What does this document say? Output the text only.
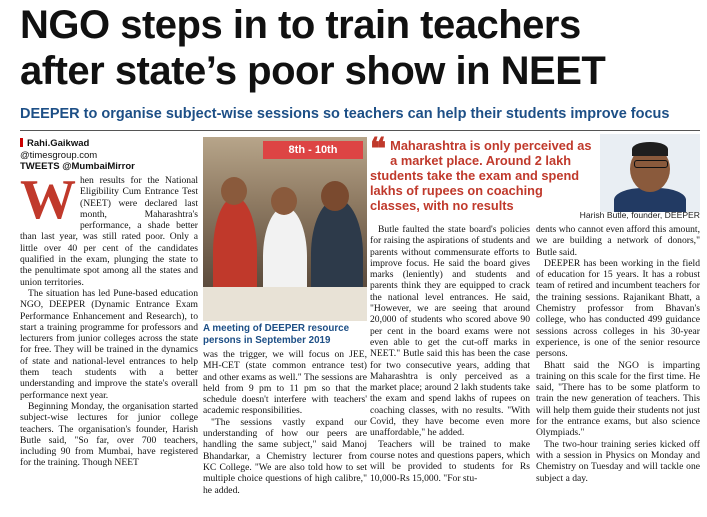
NGO steps in to train teachers
after state’s poor show in NEET
DEEPER to organise subject-wise sessions so teachers can help their students improve focus
Rahi.Gaikwad
@timesgroup.com
TWEETS @MumbaiMirror
W hen results for the National Eligibility Cum Entrance Test (NEET) were declared last month, Maharashtra's performance, a shade better than last year, was still rated poor. Only a little over 40 per cent of the candidates qualified in the exam, plunging the state to the penultimate spot among all the states and union territories.

The situation has led Pune-based education NGO, DEEPER (Dynamic Entrance Exam Performance Enhancement and Research), to start a training programme for professors and lecturers from junior colleges across the state for free. They will be trained in the dynamics of state and national-level entrances to help them teach students with a better understanding and improve the state's overall performance next year.

Beginning Monday, the organisation started subject-wise lectures for junior college teachers. The organisation's founder, Harish Butle said, "So far, over 700 teachers, including 90 from Mumbai, have registered for the training. Though NEET

8th - 10th
A meeting of DEEPER resource persons in September 2019

was the trigger, we will focus on JEE, MH-CET (state common entrance test) and other exams as well." The sessions are held from 9 pm to 11 pm so that the schedule doesn't interfere with teachers' academic responsibilities.

"The sessions vastly expand our understanding of how our peers are handling the same subject," said Manoj Bhandarkar, a Chemistry lecturer from KC College. "We are also told how to set multiple choice questions of high calibre," he added.

❝ Maharashtra is only perceived as a market place. Around 2 lakh students take the exam and spend lakhs of rupees on coaching classes, with no results
Harish Butle, founder, DEEPER

Butle faulted the state board's policies for raising the aspirations of students and parents without commensurate efforts to improve focus. He said the board gives marks (leniently) and students and parents think they are equipped to crack the national level entrances. He said, "However, we are seeing that around 20,000 of students who scored above 90 per cent in the board exams were not even able to get the cut-off marks in NEET." Butle said this has been the case for two consecutive years, adding that Maharashtra is only perceived as a market place; around 2 lakh students take the exam and spend lakhs of rupees on coaching classes, with no results. "With Covid, they have become even more unaffordable," he added.

Teachers will be trained to make course notes and questions papers, which will be provided to students for Rs 10,000-Rs 15,000. "For stu-

dents who cannot even afford this amount, we are building a network of donors," Butle said.

DEEPER has been working in the field of education for 15 years. It has a robust team of retired and incumbent teachers for the training sessions. Rajanikant Bhatt, a Chemistry professor from Bhavan's college, who has conducted 499 guidance sessions across colleges in his 30-year experience, is one of the senior resource persons.

Bhatt said the NGO is imparting training on this scale for the first time. He said, "There has to be some platform to train the new generation of teachers. This will help them guide their students not just for the entrance exams, but also science Olympiads."

The two-hour training series kicked off with a session in Physics on Monday and Chemistry on Tuesday and will tackle one subject a day.
